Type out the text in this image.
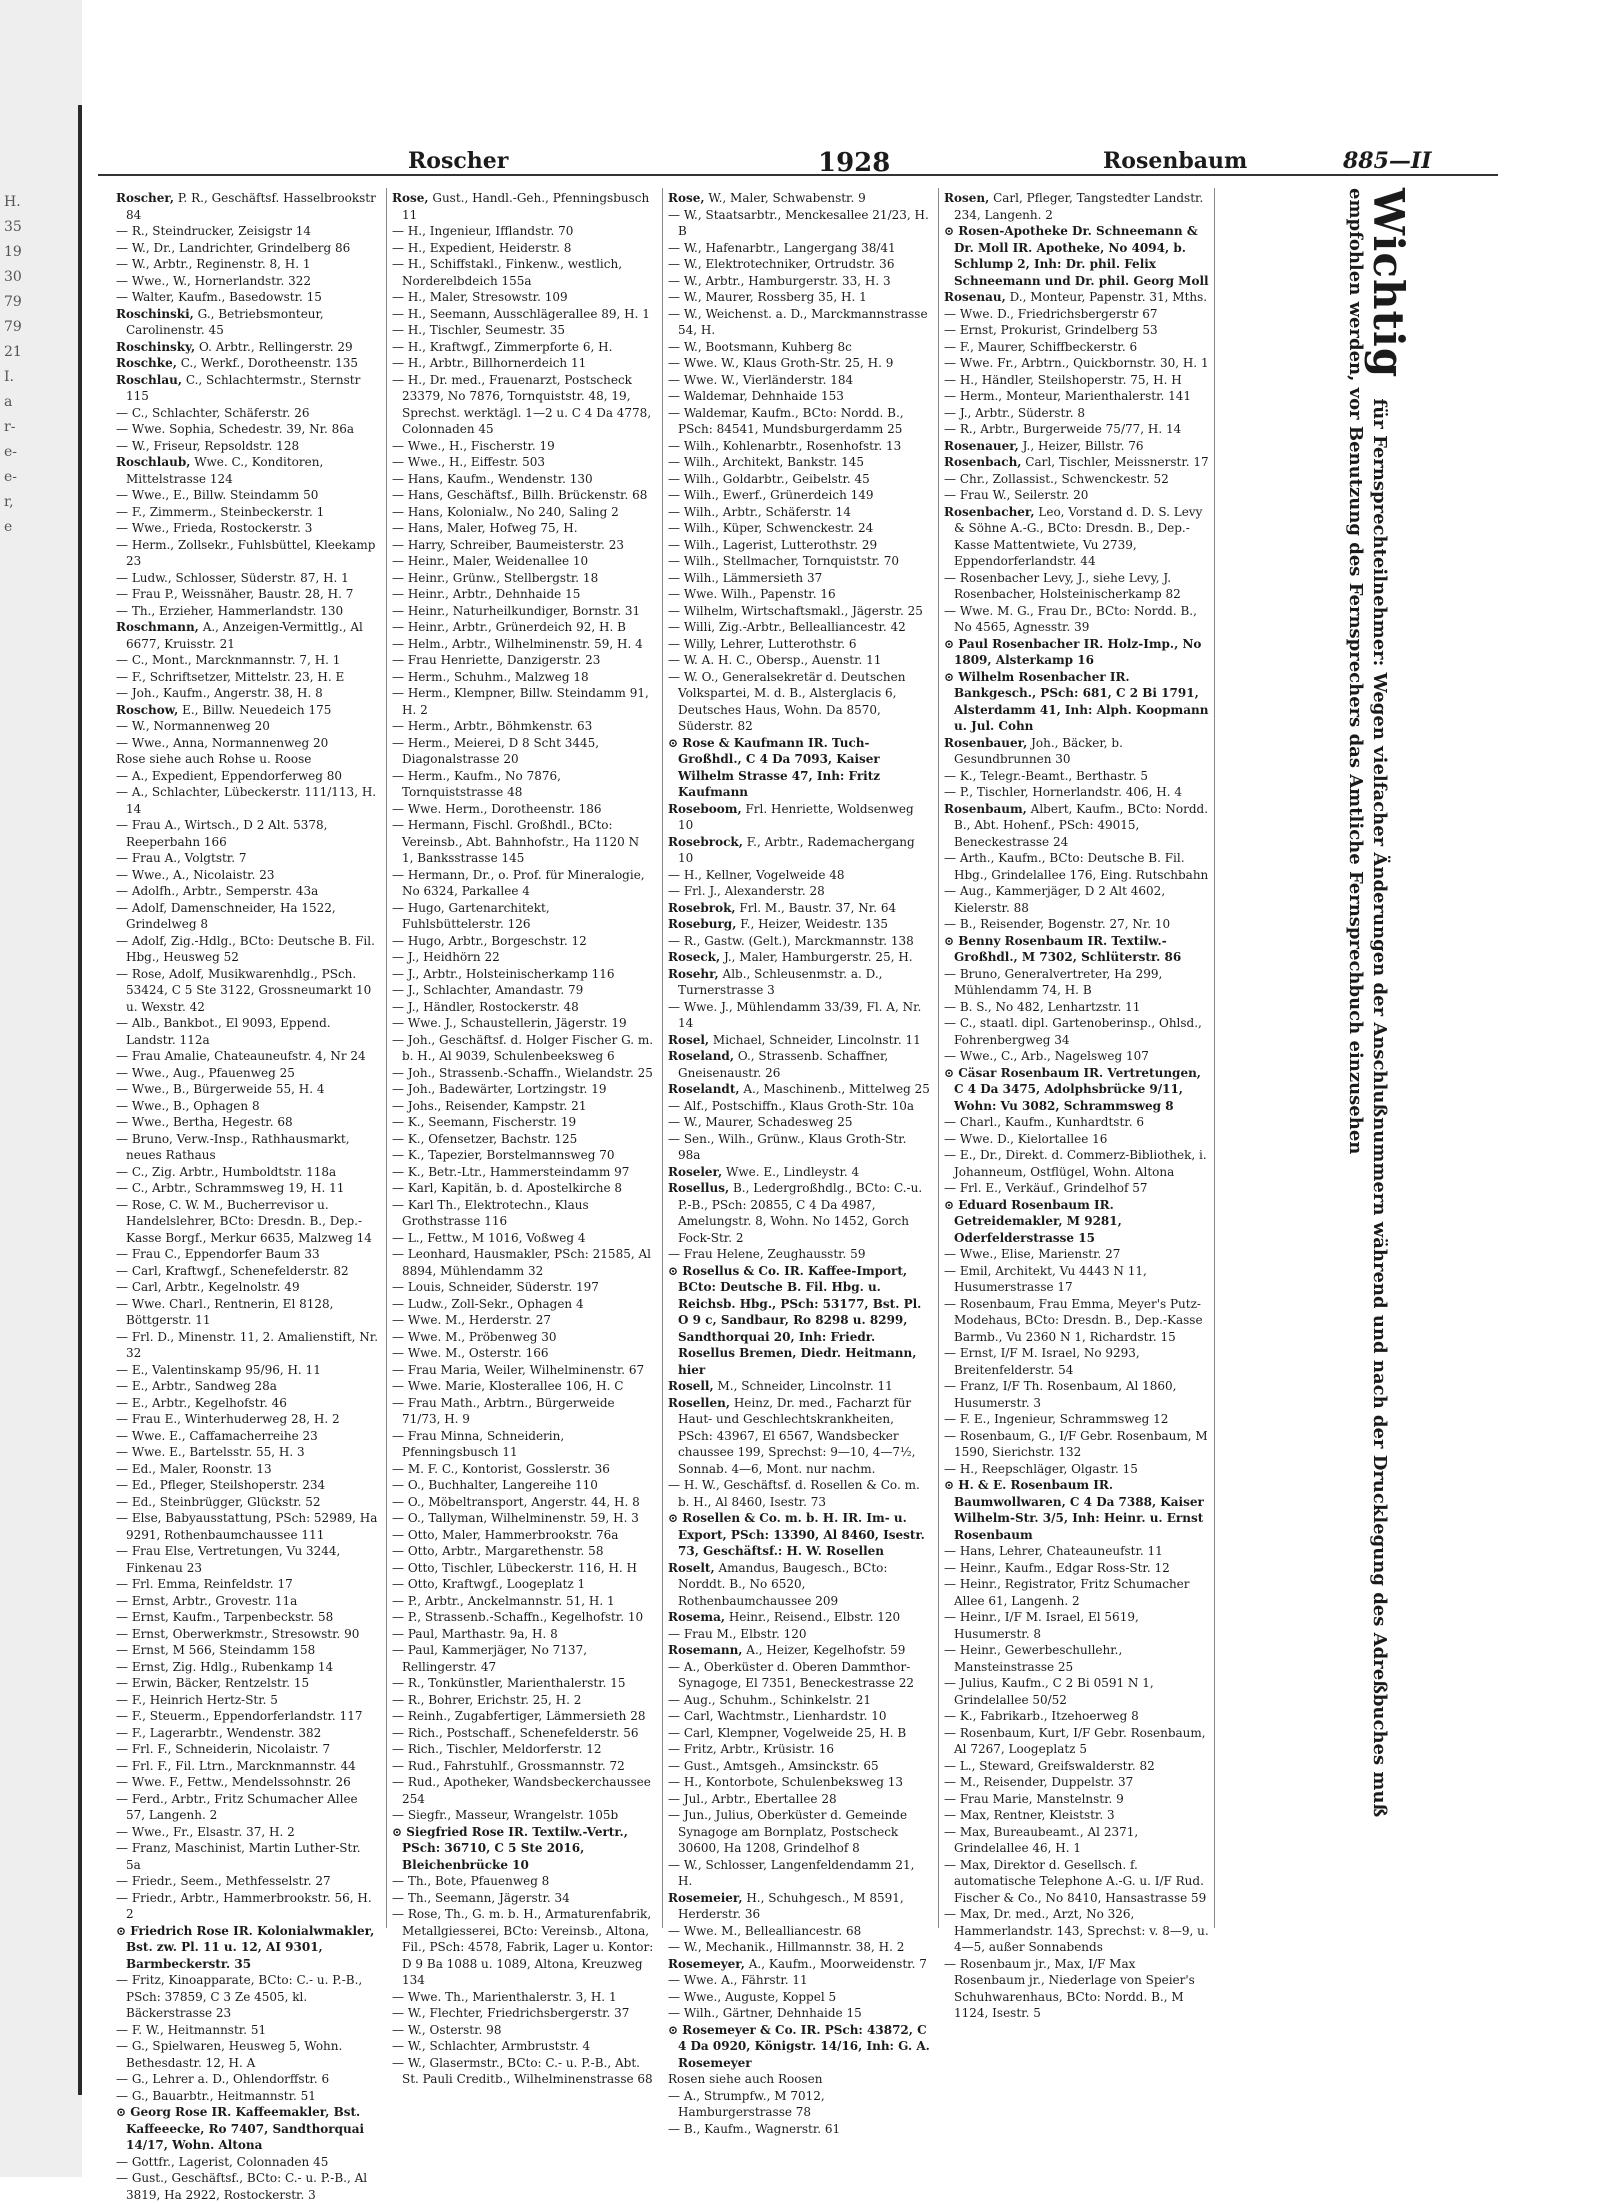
H.
35
19
30
79
79
21
I.
a
r-
e-
e-
r,
e
Roscher	1928	Rosenbaum	885—II
Roscher, P. R., Geschäftsf. Hasselbrookstr 84
— R., Steindrucker, Zeisigstr 14
— W., Dr., Landrichter, Grindelberg 86
— W., Arbtr., Reginenstr. 8, H. 1
— Wwe., W., Hornerlandstr. 322
— Walter, Kaufm., Basedowstr. 15
Roschinski, G., Betriebsmonteur, Carolinenstr. 45
Roschinsky, O. Arbtr., Rellingerstr. 29
Roschke, C., Werkf., Dorotheenstr. 135
Roschlau, C., Schlachtermstr., Sternstr 115
— C., Schlachter, Schäferstr. 26
— Wwe. Sophia, Schedestr. 39, Nr. 86a
— W., Friseur, Repsoldstr. 128
Roschlaub, Wwe. C., Konditoren, Mittelstrasse 124
— Wwe., E., Billw. Steindamm 50
— F., Zimmerm., Steinbeckerstr. 1
— Wwe., Frieda, Rostockerstr. 3
— Herm., Zollsekr., Fuhlsbüttel, Kleekamp 23
— Ludw., Schlosser, Süderstr. 87, H. 1
— Frau P., Weissnäher, Baustr. 28, H. 7
— Th., Erzieher, Hammerlandstr. 130
Roschmann, A., Anzeigen-Vermittlg., Al 6677, Kruisstr. 21
— C., Mont., Marcknmannstr. 7, H. 1
— F., Schriftsetzer, Mittelstr. 23, H. E
— Joh., Kaufm., Angerstr. 38, H. 8
Roschow, E., Billw. Neuedeich 175
— W., Normannenweg 20
— Wwe., Anna, Normannenweg 20
Rose siehe auch Rohse u. Roose
— A., Expedient, Eppendorferweg 80
— A., Schlachter, Lübeckerstr. 111/113, H. 14
— Frau A., Wirtsch., D 2 Alt. 5378, Reeperbahn 166
— Frau A., Volgtstr. 7
— Wwe., A., Nicolaistr. 23
— Adolfh., Arbtr., Semperstr. 43a
— Adolf, Damenschneider, Ha 1522, Grindelweg 8
— Adolf, Zig.-Hdlg., BCto: Deutsche B. Fil. Hbg., Heusweg 52
— Rose, Adolf, Musikwarenhdlg., PSch. 53424, C 5 Ste 3122, Grossneumarkt 10 u. Wexstr. 42
— Alb., Bankbot., El 9093, Eppend. Landstr. 112a
— Frau Amalie, Chateauneufstr. 4, Nr 24
— Wwe., Aug., Pfauenweg 25
— Wwe., B., Bürgerweide 55, H. 4
— Wwe., B., Ophagen 8
— Wwe., Bertha, Hegestr. 68
— Bruno, Verw.-Insp., Rathhausmarkt, neues Rathaus
— C., Zig. Arbtr., Humboldtstr. 118a
— C., Arbtr., Schrammsweg 19, H. 11
— Rose, C. W. M., Bucherrevisor u. Handelslehrer, BCto: Dresdn. B., Dep.-Kasse Borgf., Merkur 6635, Malzweg 14
— Frau C., Eppendorfer Baum 33
— Carl, Kraftwgf., Schenefelderstr. 82
— Carl, Arbtr., Kegelnolstr. 49
— Wwe. Charl., Rentnerin, El 8128, Böttgerstr. 11
— Frl. D., Minenstr. 11, 2. Amalienstift, Nr. 32
— E., Valentinskamp 95/96, H. 11
— E., Arbtr., Sandweg 28a
— E., Arbtr., Kegelhofstr. 46
— Frau E., Winterhuderweg 28, H. 2
— Wwe. E., Caffamacherreihe 23
— Wwe. E., Bartelsstr. 55, H. 3
— Ed., Maler, Roonstr. 13
— Ed., Pfleger, Steilshoperstr. 234
— Ed., Steinbrügger, Glückstr. 52
— Else, Babyausstattung, PSch: 52989, Ha 9291, Rothenbaumchaussee 111
— Frau Else, Vertretungen, Vu 3244, Finkenau 23
— Frl. Emma, Reinfeldstr. 17
— Ernst, Arbtr., Grovestr. 11a
— Ernst, Kaufm., Tarpenbeckstr. 58
— Ernst, Oberwerkmstr., Stresowstr. 90
— Ernst, M 566, Steindamm 158
— Ernst, Zig. Hdlg., Rubenkamp 14
— Erwin, Bäcker, Rentzelstr. 15
— F., Heinrich Hertz-Str. 5
— F., Steuerm., Eppendorferlandstr. 117
— F., Lagerarbtr., Wendenstr. 382
— Frl. F., Schneiderin, Nicolaistr. 7
— Frl. F., Fil. Ltrn., Marcknmannstr. 44
— Wwe. F., Fettw., Mendelssohnstr. 26
— Ferd., Arbtr., Fritz Schumacher Allee 57, Langenh. 2
— Wwe., Fr., Elsastr. 37, H. 2
— Franz, Maschinist, Martin Luther-Str. 5a
— Friedr., Seem., Methfesselstr. 27
— Friedr., Arbtr., Hammerbrookstr. 56, H. 2
⊙ Friedrich Rose IR. Kolonialwmakler, Bst. zw. Pl. 11 u. 12, AI 9301, Barmbeckerstr. 35
— Fritz, Kinoapparate, BCto: C.- u. P.-B., PSch: 37859, C 3 Ze 4505, kl. Bäckerstrasse 23
— F. W., Heitmannstr. 51
— G., Spielwaren, Heusweg 5, Wohn. Bethesdastr. 12, H. A
— G., Lehrer a. D., Ohlendorffstr. 6
— G., Bauarbtr., Heitmannstr. 51
⊙ Georg Rose IR. Kaffeemakler, Bst. Kaffeeecke, Ro 7407, Sandthorquai 14/17, Wohn. Altona
— Gottfr., Lagerist, Colonnaden 45
— Gust., Geschäftsf., BCto: C.- u. P.-B., Al 3819, Ha 2922, Rostockerstr. 3
Rose, Gust., Handl.-Geh., Pfenningsbusch 11
— H., Ingenieur, Ifflandstr. 70
— H., Expedient, Heiderstr. 8
— H., Schiffstakl., Finkenw., westlich, Norderelbdeich 155a
— H., Maler, Stresowstr. 109
— H., Seemann, Ausschlägerallee 89, H. 1
— H., Tischler, Seumestr. 35
— H., Kraftwgf., Zimmerpforte 6, H.
— H., Arbtr., Billhornerdeich 11
— H., Dr. med., Frauenarzt, Postscheck 23379, No 7876, Tornquiststr. 48, 19, Sprechst. werktägl. 1—2 u. C 4 Da 4778, Colonnaden 45
— Wwe., H., Fischerstr. 19
— Wwe., H., Eiffestr. 503
— Hans, Kaufm., Wendenstr. 130
— Hans, Geschäftsf., Billh. Brückenstr. 68
— Hans, Kolonialw., No 240, Saling 2
— Hans, Maler, Hofweg 75, H.
— Harry, Schreiber, Baumeisterstr. 23
— Heinr., Maler, Weidenallee 10
— Heinr., Grünw., Stellbergstr. 18
— Heinr., Arbtr., Dehnhaide 15
— Heinr., Naturheilkundiger, Bornstr. 31
— Heinr., Arbtr., Grünerdeich 92, H. B
— Helm., Arbtr., Wilhelminenstr. 59, H. 4
— Frau Henriette, Danzigerstr. 23
— Herm., Schuhm., Malzweg 18
— Herm., Klempner, Billw. Steindamm 91, H. 2
— Herm., Arbtr., Böhmkenstr. 63
— Herm., Meierei, D 8 Scht 3445, Diagonalstrasse 20
— Herm., Kaufm., No 7876, Tornquiststrasse 48
— Wwe. Herm., Dorotheenstr. 186
— Hermann, Fischl. Großhdl., BCto: Vereinsb., Abt. Bahnhofstr., Ha 1120 N 1, Banksstrasse 145
— Hermann, Dr., o. Prof. für Mineralogie, No 6324, Parkallee 4
— Hugo, Gartenarchitekt, Fuhlsbüttelerstr. 126
— Hugo, Arbtr., Borgeschstr. 12
— J., Heidhörn 22
— J., Arbtr., Holsteinischerkamp 116
— J., Schlachter, Amandastr. 79
— J., Händler, Rostockerstr. 48
— Wwe. J., Schaustellerin, Jägerstr. 19
— Joh., Geschäftsf. d. Holger Fischer G. m. b. H., Al 9039, Schulenbeeksweg 6
— Joh., Strassenb.-Schaffn., Wielandstr. 25
— Joh., Badewärter, Lortzingstr. 19
— Johs., Reisender, Kampstr. 21
— K., Seemann, Fischerstr. 19
— K., Ofensetzer, Bachstr. 125
— K., Tapezier, Borstelmannsweg 70
— K., Betr.-Ltr., Hammersteindamm 97
— Karl, Kapitän, b. d. Apostelkirche 8
— Karl Th., Elektrotechn., Klaus Grothstrasse 116
— L., Fettw., M 1016, Voßweg 4
— Leonhard, Hausmakler, PSch: 21585, Al 8894, Mühlendamm 32
— Louis, Schneider, Süderstr. 197
— Ludw., Zoll-Sekr., Ophagen 4
— Wwe. M., Herderstr. 27
— Wwe. M., Pröbenweg 30
— Wwe. M., Osterstr. 166
— Frau Maria, Weiler, Wilhelminenstr. 67
— Wwe. Marie, Klosterallee 106, H. C
— Frau Math., Arbtrn., Bürgerweide 71/73, H. 9
— Frau Minna, Schneiderin, Pfenningsbusch 11
— M. F. C., Kontorist, Gosslerstr. 36
— O., Buchhalter, Langereihe 110
— O., Möbeltransport, Angerstr. 44, H. 8
— O., Tallyman, Wilhelminenstr. 59, H. 3
— Otto, Maler, Hammerbrookstr. 76a
— Otto, Arbtr., Margarethenstr. 58
— Otto, Tischler, Lübeckerstr. 116, H. H
— Otto, Kraftwgf., Loogeplatz 1
— P., Arbtr., Anckelmannstr. 51, H. 1
— P., Strassenb.-Schaffn., Kegelhofstr. 10
— Paul, Marthastr. 9a, H. 8
— Paul, Kammerjäger, No 7137, Rellingerstr. 47
— R., Tonkünstler, Marienthalerstr. 15
— R., Bohrer, Erichstr. 25, H. 2
— Reinh., Zugabfertiger, Lämmersieth 28
— Rich., Postschaff., Schenefelderstr. 56
— Rich., Tischler, Meldorferstr. 12
— Rud., Fahrstuhlf., Grossmannstr. 72
— Rud., Apotheker, Wandsbeckerchaussee 254
— Siegfr., Masseur, Wrangelstr. 105b
⊙ Siegfried Rose IR. Textilw.-Vertr., PSch: 36710, C 5 Ste 2016, Bleichenbrücke 10
— Th., Bote, Pfauenweg 8
— Th., Seemann, Jägerstr. 34
— Rose, Th., G. m. b. H., Armaturenfabrik, Metallgiesserei, BCto: Vereinsb., Altona, Fil., PSch: 4578, Fabrik, Lager u. Kontor: D 9 Ba 1088 u. 1089, Altona, Kreuzweg 134
— Wwe. Th., Marienthalerstr. 3, H. 1
— W., Flechter, Friedrichsbergerstr. 37
— W., Osterstr. 98
— W., Schlachter, Armbruststr. 4
— W., Glasermstr., BCto: C.- u. P.-B., Abt. St. Pauli Creditb., Wilhelminenstrasse 68
Rose, W., Maler, Schwabenstr. 9
— W., Staatsarbtr., Menckesallee 21/23, H. B
— W., Hafenarbtr., Langergang 38/41
— W., Elektrotechniker, Ortrudstr. 36
— W., Arbtr., Hamburgerstr. 33, H. 3
— W., Maurer, Rossberg 35, H. 1
— W., Weichenst. a. D., Marckmannstrasse 54, H.
— W., Bootsmann, Kuhberg 8c
— Wwe. W., Klaus Groth-Str. 25, H. 9
— Wwe. W., Vierländerstr. 184
— Waldemar, Dehnhaide 153
— Waldemar, Kaufm., BCto: Nordd. B., PSch: 84541, Mundsburgerdamm 25
— Wilh., Kohlenarbtr., Rosenhofstr. 13
— Wilh., Architekt, Bankstr. 145
— Wilh., Goldarbtr., Geibelstr. 45
— Wilh., Ewerf., Grünerdeich 149
— Wilh., Arbtr., Schäferstr. 14
— Wilh., Küper, Schwenckestr. 24
— Wilh., Lagerist, Lutterothstr. 29
— Wilh., Stellmacher, Tornquiststr. 70
— Wilh., Lämmersieth 37
— Wwe. Wilh., Papenstr. 16
— Wilhelm, Wirtschaftsmakl., Jägerstr. 25
— Willi, Zig.-Arbtr., Bellealliancestr. 42
— Willy, Lehrer, Lutterothstr. 6
— W. A. H. C., Obersp., Auenstr. 11
— W. O., Generalsekretär d. Deutschen Volkspartei, M. d. B., Alsterglacis 6, Deutsches Haus, Wohn. Da 8570, Süderstr. 82
⊙ Rose & Kaufmann IR. Tuch-Großhdl., C 4 Da 7093, Kaiser Wilhelm Strasse 47, Inh: Fritz Kaufmann
Roseboom, Frl. Henriette, Woldsenweg 10
Rosebrock, F., Arbtr., Rademachergang 10
— H., Kellner, Vogelweide 48
— Frl. J., Alexanderstr. 28
Rosebrok, Frl. M., Baustr. 37, Nr. 64
Roseburg, F., Heizer, Weidestr. 135
— R., Gastw. (Gelt.), Marckmannstr. 138
Roseck, J., Maler, Hamburgerstr. 25, H.
Rosehr, Alb., Schleusenmstr. a. D., Turnerstrasse 3
— Wwe. J., Mühlendamm 33/39, Fl. A, Nr. 14
Rosel, Michael, Schneider, Lincolnstr. 11
Roseland, O., Strassenb. Schaffner, Gneisenaustr. 26
Roselandt, A., Maschinenb., Mittelweg 25
— Alf., Postschiffn., Klaus Groth-Str. 10a
— W., Maurer, Schadesweg 25
— Sen., Wilh., Grünw., Klaus Groth-Str. 98a
Roseler, Wwe. E., Lindleystr. 4
Rosellus, B., Ledergroßhdlg., BCto: C.-u. P.-B., PSch: 20855, C 4 Da 4987, Amelungstr. 8, Wohn. No 1452, Gorch Fock-Str. 2
— Frau Helene, Zeughausstr. 59
⊙ Rosellus & Co. IR. Kaffee-Import, BCto: Deutsche B. Fil. Hbg. u. Reichsb. Hbg., PSch: 53177, Bst. Pl. O 9 c, Sandbaur, Ro 8298 u. 8299, Sandthorquai 20, Inh: Friedr. Rosellus Bremen, Diedr. Heitmann, hier
Rosell, M., Schneider, Lincolnstr. 11
Rosellen, Heinz, Dr. med., Facharzt für Haut- und Geschlechtskrankheiten, PSch: 43967, El 6567, Wandsbecker chaussee 199, Sprechst: 9—10, 4—7½, Sonnab. 4—6, Mont. nur nachm.
— H. W., Geschäftsf. d. Rosellen & Co. m. b. H., Al 8460, Isestr. 73
⊙ Rosellen & Co. m. b. H. IR. Im- u. Export, PSch: 13390, Al 8460, Isestr. 73, Geschäftsf.: H. W. Rosellen
Roselt, Amandus, Baugesch., BCto: Norddt. B., No 6520, Rothenbaumchaussee 209
Rosema, Heinr., Reisend., Elbstr. 120
— Frau M., Elbstr. 120
Rosemann, A., Heizer, Kegelhofstr. 59
— A., Oberküster d. Oberen Dammthor-Synagoge, El 7351, Beneckestrasse 22
— Aug., Schuhm., Schinkelstr. 21
— Carl, Wachtmstr., Lienhardstr. 10
— Carl, Klempner, Vogelweide 25, H. B
— Fritz, Arbtr., Krüsistr. 16
— Gust., Amtsgeh., Amsinckstr. 65
— H., Kontorbote, Schulenbeksweg 13
— Jul., Arbtr., Ebertallee 28
— Jun., Julius, Oberküster d. Gemeinde Synagoge am Bornplatz, Postscheck 30600, Ha 1208, Grindelhof 8
— W., Schlosser, Langenfeldendamm 21, H.
Rosemeier, H., Schuhgesch., M 8591, Herderstr. 36
— Wwe. M., Bellealliancestr. 68
— W., Mechanik., Hillmannstr. 38, H. 2
Rosemeyer, A., Kaufm., Moorweidenstr. 7
— Wwe. A., Fährstr. 11
— Wwe., Auguste, Koppel 5
— Wilh., Gärtner, Dehnhaide 15
⊙ Rosemeyer & Co. IR. PSch: 43872, C 4 Da 0920, Königstr. 14/16, Inh: G. A. Rosemeyer
Rosen siehe auch Roosen
— A., Strumpfw., M 7012, Hamburgerstrasse 78
— B., Kaufm., Wagnerstr. 61
Rosen, Carl, Pfleger, Tangstedter Landstr. 234, Langenh. 2
⊙ Rosen-Apotheke Dr. Schneemann & Dr. Moll IR. Apotheke, No 4094, b. Schlump 2, Inh: Dr. phil. Felix Schneemann und Dr. phil. Georg Moll
Rosenau, D., Monteur, Papenstr. 31, Mths.
— Wwe. D., Friedrichsbergerstr 67
— Ernst, Prokurist, Grindelberg 53
— F., Maurer, Schiffbeckerstr. 6
— Wwe. Fr., Arbtrn., Quickbornstr. 30, H. 1
— H., Händler, Steilshoperstr. 75, H. H
— Herm., Monteur, Marienthalerstr. 141
— J., Arbtr., Süderstr. 8
— R., Arbtr., Burgerweide 75/77, H. 14
Rosenauer, J., Heizer, Billstr. 76
Rosenbach, Carl, Tischler, Meissnerstr. 17
— Chr., Zollassist., Schwenckestr. 52
— Frau W., Seilerstr. 20
Rosenbacher, Leo, Vorstand d. D. S. Levy & Söhne A.-G., BCto: Dresdn. B., Dep.-Kasse Mattentwiete, Vu 2739, Eppendorferlandstr. 44
— Rosenbacher Levy, J., siehe Levy, J. Rosenbacher, Holsteinischerkamp 82
— Wwe. M. G., Frau Dr., BCto: Nordd. B., No 4565, Agnesstr. 39
⊙ Paul Rosenbacher IR. Holz-Imp., No 1809, Alsterkamp 16
⊙ Wilhelm Rosenbacher IR. Bankgesch., PSch: 681, C 2 Bi 1791, Alsterdamm 41, Inh: Alph. Koopmann u. Jul. Cohn
Rosenbauer, Joh., Bäcker, b. Gesundbrunnen 30
— K., Telegr.-Beamt., Berthastr. 5
— P., Tischler, Hornerlandstr. 406, H. 4
Rosenbaum, Albert, Kaufm., BCto: Nordd. B., Abt. Hohenf., PSch: 49015, Beneckestrasse 24
— Arth., Kaufm., BCto: Deutsche B. Fil. Hbg., Grindelallee 176, Eing. Rutschbahn
— Aug., Kammerjäger, D 2 Alt 4602, Kielerstr. 88
— B., Reisender, Bogenstr. 27, Nr. 10
⊙ Benny Rosenbaum IR. Textilw.-Großhdl., M 7302, Schlüterstr. 86
— Bruno, Generalvertreter, Ha 299, Mühlendamm 74, H. B
— B. S., No 482, Lenhartzstr. 11
— C., staatl. dipl. Gartenoberinsp., Ohlsd., Fohrenbergweg 34
— Wwe., C., Arb., Nagelsweg 107
⊙ Cäsar Rosenbaum IR. Vertretungen, C 4 Da 3475, Adolphsbrücke 9/11, Wohn: Vu 3082, Schrammsweg 8
— Charl., Kaufm., Kunhardtstr. 6
— Wwe. D., Kielortallee 16
— E., Dr., Direkt. d. Commerz-Bibliothek, i. Johanneum, Ostflügel, Wohn. Altona
— Frl. E., Verkäuf., Grindelhof 57
⊙ Eduard Rosenbaum IR. Getreidemakler, M 9281, Oderfelderstrasse 15
— Wwe., Elise, Marienstr. 27
— Emil, Architekt, Vu 4443 N 11, Husumerstrasse 17
— Rosenbaum, Frau Emma, Meyer's Putz-Modehaus, BCto: Dresdn. B., Dep.-Kasse Barmb., Vu 2360 N 1, Richardstr. 15
— Ernst, I/F M. Israel, No 9293, Breitenfelderstr. 54
— Franz, I/F Th. Rosenbaum, Al 1860, Husumerstr. 3
— F. E., Ingenieur, Schrammsweg 12
— Rosenbaum, G., I/F Gebr. Rosenbaum, M 1590, Sierichstr. 132
— H., Reepschläger, Olgastr. 15
⊙ H. & E. Rosenbaum IR. Baumwollwaren, C 4 Da 7388, Kaiser Wilhelm-Str. 3/5, Inh: Heinr. u. Ernst Rosenbaum
— Hans, Lehrer, Chateauneufstr. 11
— Heinr., Kaufm., Edgar Ross-Str. 12
— Heinr., Registrator, Fritz Schumacher Allee 61, Langenh. 2
— Heinr., I/F M. Israel, El 5619, Husumerstr. 8
— Heinr., Gewerbeschullehr., Mansteinstrasse 25
— Julius, Kaufm., C 2 Bi 0591 N 1, Grindelallee 50/52
— K., Fabrikarb., Itzehoerweg 8
— Rosenbaum, Kurt, I/F Gebr. Rosenbaum, Al 7267, Loogeplatz 5
— L., Steward, Greifswalderstr. 82
— M., Reisender, Duppelstr. 37
— Frau Marie, Manstelnstr. 9
— Max, Rentner, Kleiststr. 3
— Max, Bureaubeamt., Al 2371, Grindelallee 46, H. 1
— Max, Direktor d. Gesellsch. f. automatische Telephone A.-G. u. I/F Rud. Fischer & Co., No 8410, Hansastrasse 59
— Max, Dr. med., Arzt, No 326, Hammerlandstr. 143, Sprechst: v. 8—9, u. 4—5, außer Sonnabends
— Rosenbaum jr., Max, I/F Max Rosenbaum jr., Niederlage von Speier's Schuhwarenhaus, BCto: Nordd. B., M 1124, Isestr. 5
Wichtig für Fernsprechteilnehmer: Wegen vielfacher Änderungen der Anschlußnummern während und nach der Drucklegung des Adreßbuches muß empfohlen werden, vor Benutzung des Fernsprechers das Amtliche Fernsprechbuch einzusehen
